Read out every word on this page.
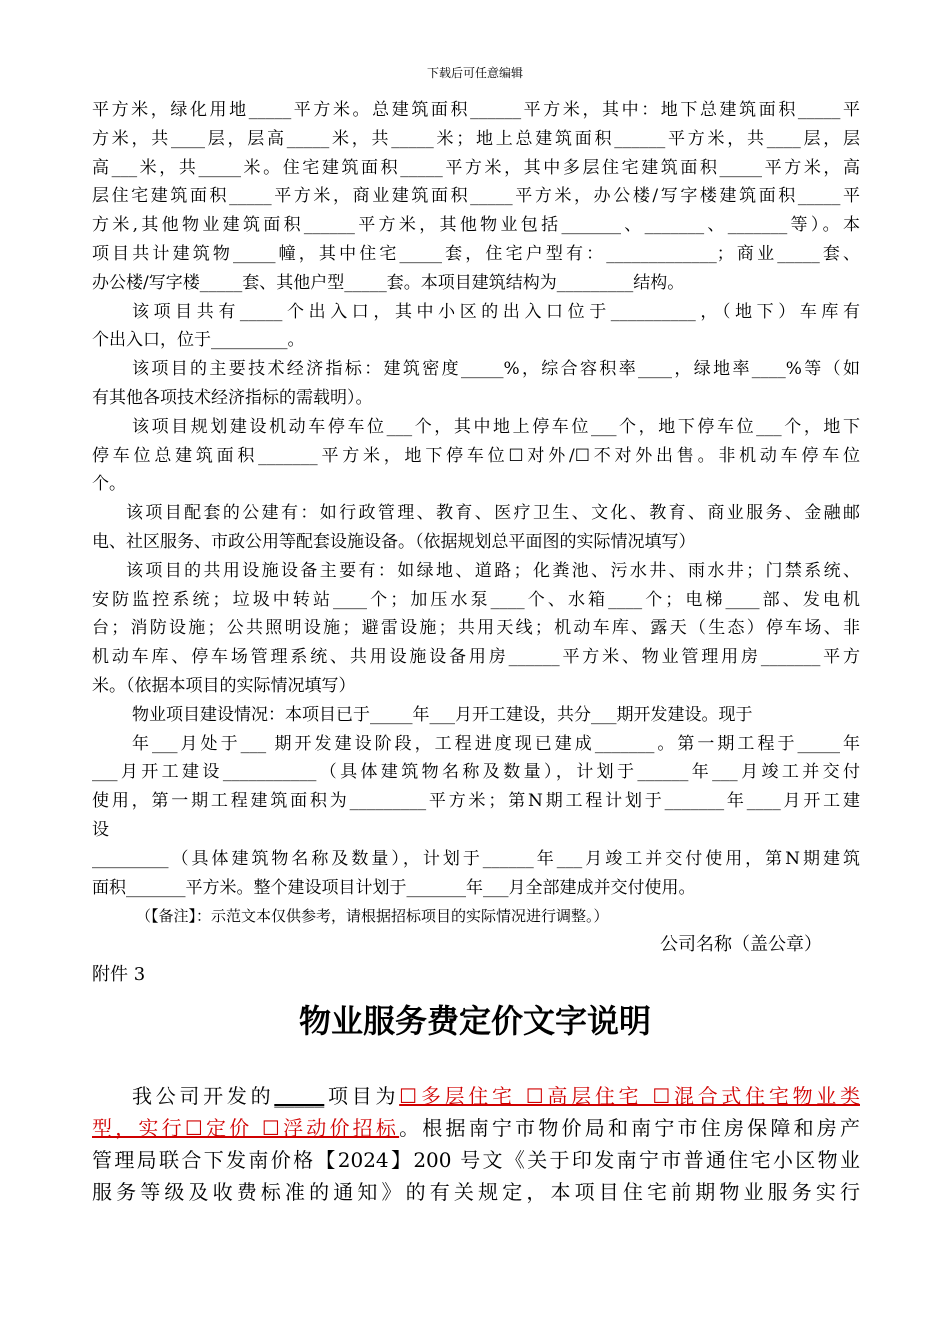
下载后可任意编辑
平方米，绿化用地_____平方米。总建筑面积______平方米，其中：地下总建筑面积_____平
方米，共____层，层高_____米，共_____米；地上总建筑面积______平方米，共____层，层
高___米，共_____米。住宅建筑面积_____平方米，其中多层住宅建筑面积_____平方米，高
层住宅建筑面积_____平方米，商业建筑面积_____平方米，办公楼/写字楼建筑面积_____平
方米,其他物业建筑面积______平方米，其他物业包括_______、_______、_______等）。本
项目共计建筑物_____幢，其中住宅_____套，住宅户型有：_____________；商业_____套、
办公楼/写字楼_____套、其他户型_____套。本项目建筑结构为_________结构。
该项目共有_____个出入口，其中小区的出入口位于__________，（地下）车库有
个出入口，位于_________。
该项目的主要技术经济指标：建筑密度_____%，综合容积率____，绿地率____%等（如
有其他各项技术经济指标的需载明）。
该项目规划建设机动车停车位___个，其中地上停车位___个，地下停车位___个，地下
停车位总建筑面积_______平方米，地下停车位☐对外/☐不对外出售。非机动车停车位
个。
该项目配套的公建有：如行政管理、教育、医疗卫生、文化、教育、商业服务、金融邮
电、社区服务、市政公用等配套设施设备。（依据规划总平面图的实际情况填写）
该项目的共用设施设备主要有：如绿地、道路；化粪池、污水井、雨水井；门禁系统、
安防监控系统；垃圾中转站____个；加压水泵____个、水箱____个；电梯____部、发电机
台；消防设施；公共照明设施；避雷设施；共用天线；机动车库、露天（生态）停车场、非
机动车库、停车场管理系统、共用设施设备用房______平方米、物业管理用房_______平方
米。（依据本项目的实际情况填写）
物业项目建设情况：本项目已于_____年___月开工建设，共分___期开发建设。现于
年___月处于___ 期开发建设阶段，工程进度现已建成_______。第一期工程于_____年
___月开工建设___________（具体建筑物名称及数量），计划于______年___月竣工并交付
使用，第一期工程建筑面积为_________平方米；第N期工程计划于_______年____月开工建
设
_________（具体建筑物名称及数量），计划于______年___月竣工并交付使用，第N期建筑
面积_______平方米。整个建设项目计划于_______年___月全部建成并交付使用。
（【备注】：示范文本仅供参考，请根据招标项目的实际情况进行调整。）
公司名称（盖公章）
附件 3
物业服务费定价文字说明
我公司开发的_____项目为☐多层住宅 ☐高层住宅 ☐混合式住宅物业类
型，实行☐定价 ☐浮动价招标。根据南宁市物价局和南宁市住房保障和房产
管理局联合下发南价格【2024】200 号文《关于印发南宁市普通住宅小区物业
服务等级及收费标准的通知》的有关规定，本项目住宅前期物业服务实行
